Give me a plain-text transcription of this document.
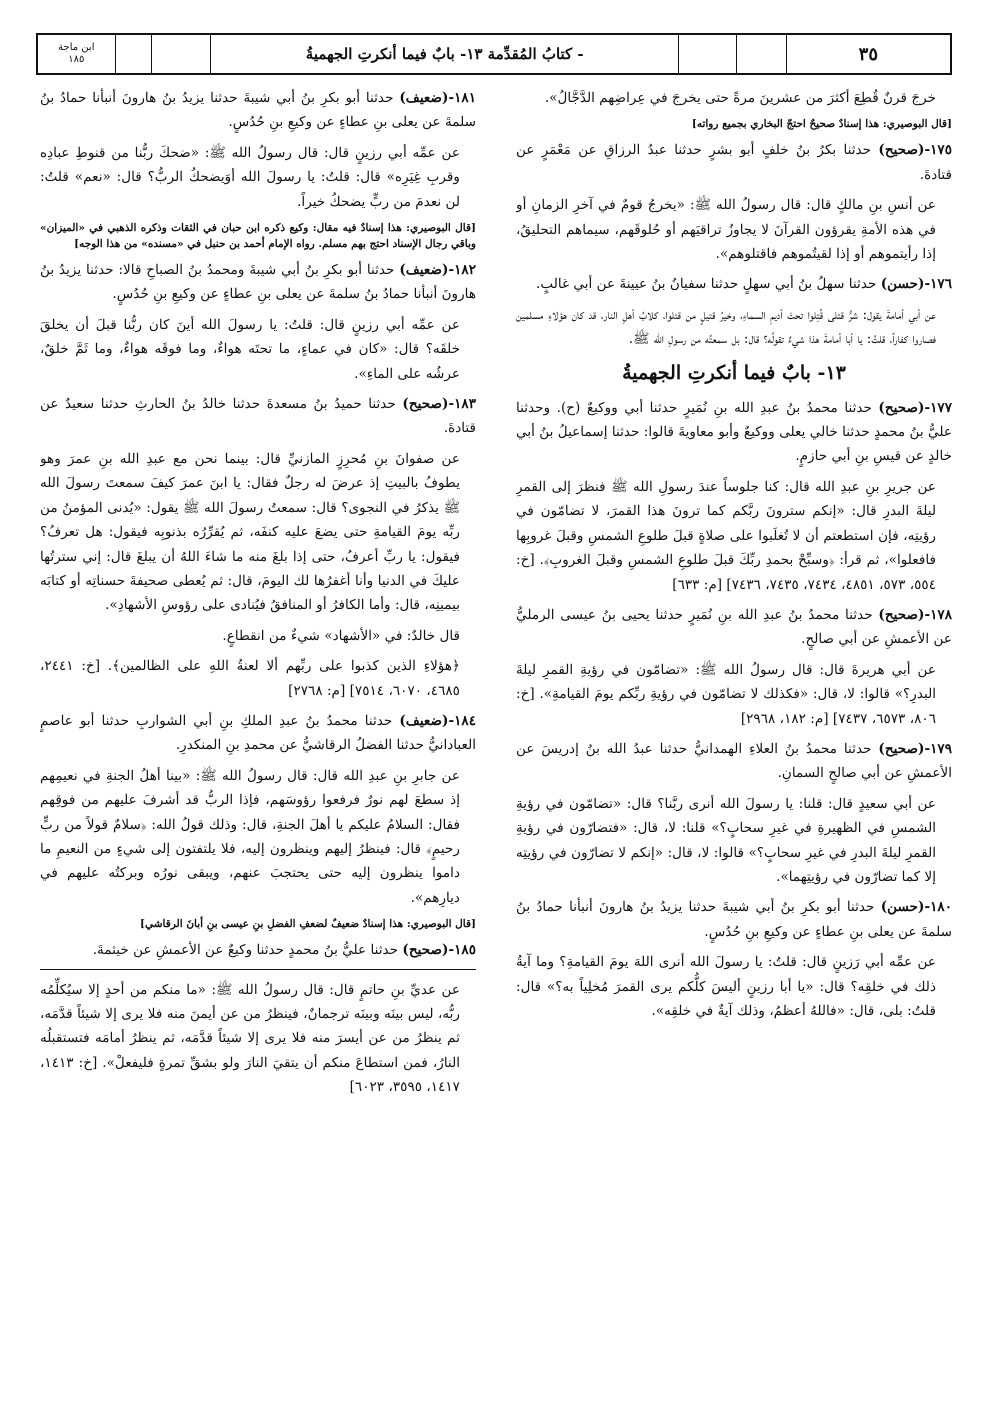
ابن ماجة
١٨٥	- كتابُ المُقدِّمة ١٣- بابٌ فيما أنكرتِ الجهميةُ	٣٥

خرجَ قرنٌ قُطِعَ أكثرَ من عشرينَ مرةً حتى يخرجَ في عِراضِهم الدَّجَّالُ».

[قال البوصيري: هذا إسنادٌ صحيحٌ احتجّ البخاري بجميع رواته]

١٧٥-(صحيح) حدثنا بكرُ بنُ خلفٍ أبو بشرٍ حدثنا عبدُ الرزاقِ عن مَعْمَرٍ عن قتادةَ.

عن أنسِ بنِ مالكٍ قال: قال رسولُ الله ﷺ: «يخرجُ قومٌ في آخرِ الزمانِ أو في هذه الأمةِ يقرؤون القرآنَ لا يجاوزُ تراقيَهم أو حُلوقَهم، سيماهم التحليقُ، إذا رأيتموهم أو إذا لقيتُموهم فاقتلوهم».

١٧٦-(حسن) حدثنا سهلُ بنُ أبي سهلٍ حدثنا سفيانُ بنُ عيينةَ عن أبي غالبٍ.

عن أبي أمامةَ يقول: شرُّ قتلى قُتِلوا تحتَ أديمِ السماءِ، وخيرُ قتيلٍ من قتلوا، كلابُ أهلِ النار، قد كان هؤلاءِ مسلمين فصاروا كفاراً، قلتُ: يا أبا أمامةَ هذا شيءٌ تقولُه؟ قال: بل سمعتُه من رسولِ الله ﷺ.

١٣- بابٌ فيما أنكرتِ الجهميةُ

١٧٧-(صحيح) حدثنا محمدُ بنُ عبدِ الله بنِ نُمَيرٍ حدثنا أبي ووكيعٌ (ح). وحدثنا عليُّ بنُ محمدٍ حدثنا خالي يعلى ووكيعٌ وأبو معاويةَ قالوا: حدثنا إسماعيلُ بنُ أبي خالدٍ عن قيسِ بنِ أبي حازمٍ.

عن جريرِ بنِ عبدِ الله قال: كنا جلوساً عندَ رسولِ الله ﷺ فنظرَ إلى القمرِ ليلةَ البدرِ قال: «إنكم سترونَ ربَّكم كما ترونَ هذا القمرَ، لا تضامّون في رؤيتِه، فإن استطعتم أن لا تُغلَبوا على صلاةٍ قبلَ طلوعِ الشمسِ وقبلَ غروبِها فافعلوا»، ثم قرأ: ﴿وسبِّحْ بحمدِ ربِّكَ قبلَ طلوعِ الشمسِ وقبلَ الغروبِ﴾. [خ: ٥٥٤، ٥٧٣، ٤٨٥١، ٧٤٣٤، ٧٤٣٥، ٧٤٣٦] [م: ٦٣٣]

١٧٨-(صحيح) حدثنا محمدُ بنُ عبدِ الله بنِ نُمَيرٍ حدثنا يحيى بنُ عيسى الرمليُّ عن الأعمشِ عن أبي صالحٍ.

عن أبي هريرةَ قال: قال رسولُ الله ﷺ: «تضامّون في رؤيةِ القمرِ ليلةَ البدرِ؟» قالوا: لا، قال: «فكذلك لا تضامّون في رؤيةِ ربِّكم يومَ القيامةِ». [خ: ٨٠٦، ٦٥٧٣، ٧٤٣٧] [م: ١٨٢، ٢٩٦٨]

١٧٩-(صحيح) حدثنا محمدُ بنُ العلاءِ الهمدانيُّ حدثنا عبدُ الله بنُ إدريسَ عن الأعمشِ عن أبي صالحٍ السمانِ.

عن أبي سعيدٍ قال: قلنا: يا رسولَ الله أنرى ربَّنا؟ قال: «تضامّون في رؤيةِ الشمسِ في الظهيرةِ في غيرِ سحابٍ؟» قلنا: لا، قال: «فتضارّون في رؤيةِ القمرِ ليلةَ البدرِ في غيرِ سحابٍ؟» قالوا: لا، قال: «إنكم لا تضارّون في رؤيتِه إلا كما تضارّون في رؤيتِهما».

١٨٠-(حسن) حدثنا أبو بكرِ بنُ أبي شيبةَ حدثنا يزيدُ بنُ هارونَ أنبأنا حمادُ بنُ سلمةَ عن يعلى بنِ عطاءٍ عن وكيعِ بنِ حُدُسٍ.

عن عمِّه أبي رَزينٍ قال: قلتُ: يا رسولَ الله أنرى اللهَ يومَ القيامةِ؟ وما آيةُ ذلك في خلقِه؟ قال: «يا أبا رزينٍ أليسَ كلُّكم يرى القمرَ مُخلِياً به؟» قال: قلتُ: بلى، قال: «فاللهُ أعظمُ، وذلك آيةٌ في خلقِه».

١٨١-(ضعيف) حدثنا أبو بكرِ بنُ أبي شيبةَ حدثنا يزيدُ بنُ هارونَ أنبأنا حمادُ بنُ سلمةَ عن يعلى بنِ عطاءٍ عن وكيعِ بنِ حُدُسٍ.

عن عمِّه أبي رزينٍ قال: قال رسولُ الله ﷺ: «ضحكَ ربُّنا من قنوطِ عبادِه وقربِ غِيَرِه» قال: قلتُ: يا رسولَ الله أوَيضحكُ الربُّ؟ قال: «نعم» قلتُ: لن نعدمَ من ربٍّ يضحكُ خيراً.

[قال البوصيري: هذا إسنادٌ فيه مقال: وكيع ذكره ابن حبان في الثقات وذكره الذهبي في «الميزان» وباقي رجال الإسناد احتج بهم مسلم. رواه الإمام أحمد بن حنبل في «مسنده» من هذا الوجه]

١٨٢-(ضعيف) حدثنا أبو بكرِ بنُ أبي شيبةَ ومحمدُ بنُ الصباحِ قالا: حدثنا يزيدُ بنُ هارونَ أنبأنا حمادُ بنُ سلمةَ عن يعلى بنِ عطاءٍ عن وكيعِ بنِ حُدُسٍ.

عن عمِّه أبي رزينٍ قال: قلتُ: يا رسولَ الله أينَ كان ربُّنا قبلَ أن يخلقَ خلقَه؟ قال: «كان في عماءٍ، ما تحتَه هواءٌ، وما فوقَه هواءٌ، وما ثَمَّ خلقٌ، عرشُه على الماءِ».

١٨٣-(صحيح) حدثنا حميدُ بنُ مسعدةَ حدثنا خالدُ بنُ الحارثِ حدثنا سعيدٌ عن قتادةَ.

عن صفوانَ بنِ مُحرِزٍ المازنيِّ قال: بينما نحن مع عبدِ الله بنِ عمرَ وهو يطوفُ بالبيتِ إذ عرضَ له رجلٌ فقال: يا ابنَ عمرَ كيفَ سمعتَ رسولَ الله ﷺ يذكرُ في النجوى؟ قال: سمعتُ رسولَ الله ﷺ يقول: «يُدنى المؤمنُ من ربِّه يومَ القيامةِ حتى يضعَ عليه كنفَه، ثم يُقرِّرُه بذنوبِه فيقول: هل تعرفُ؟ فيقول: يا ربِّ أعرفُ، حتى إذا بلغَ منه ما شاءَ اللهُ أن يبلغَ قال: إني سترتُها عليكَ في الدنيا وأنا أغفرُها لك اليومَ، قال: ثم يُعطى صحيفةَ حسناتِه أو كتابَه بيمينِه، قال: وأما الكافرُ أو المنافقُ فيُنادى على رؤوسِ الأشهادِ».

قال خالدٌ: في «الأشهاد» شيءٌ من انقطاعٍ.

﴿هؤلاءِ الذين كذبوا على ربِّهم ألا لعنةُ اللهِ على الظالمين﴾. [خ: ٢٤٤١، ٤٦٨٥، ٦٠٧٠، ٧٥١٤] [م: ٢٧٦٨]

١٨٤-(ضعيف) حدثنا محمدُ بنُ عبدِ الملكِ بنِ أبي الشواربِ حدثنا أبو عاصمٍ العبادانيُّ حدثنا الفضلُ الرقاشيُّ عن محمدِ بنِ المنكدرِ.

عن جابرِ بنِ عبدِ الله قال: قال رسولُ الله ﷺ: «بينا أهلُ الجنةِ في نعيمِهم إذ سطعَ لهم نورٌ فرفعوا رؤوسَهم، فإذا الربُّ قد أشرفَ عليهم من فوقِهم فقال: السلامُ عليكم يا أهلَ الجنةِ، قال: وذلك قولُ الله: ﴿سلامٌ قولاً من ربٍّ رحيمٍ﴾ قال: فينظرُ إليهم وينظرون إليه، فلا يلتفتون إلى شيءٍ من النعيمِ ما داموا ينظرون إليه حتى يحتجبَ عنهم، ويبقى نورُه وبركتُه عليهم في ديارِهم».

[قال البوصيري: هذا إسنادٌ ضعيفٌ لضعفِ الفضلِ بنِ عيسى بنِ أبانَ الرقاشي]

١٨٥-(صحيح) حدثنا عليُّ بنُ محمدٍ حدثنا وكيعٌ عن الأعمشِ عن خيثمةَ.

عن عديِّ بنِ حاتمٍ قال: قال رسولُ الله ﷺ: «ما منكم من أحدٍ إلا سيُكلِّمُه ربُّه، ليس بينَه وبينَه ترجمانٌ، فينظرُ من عن أيمنَ منه فلا يرى إلا شيئاً قدَّمَه، ثم ينظرُ من عن أيسرَ منه فلا يرى إلا شيئاً قدَّمَه، ثم ينظرُ أمامَه فتستقبلُه النارُ، فمن استطاعَ منكم أن يتقيَ النارَ ولو بشقِّ تمرةٍ فليفعلْ». [خ: ١٤١٣، ١٤١٧، ٣٥٩٥، ٦٠٢٣]
